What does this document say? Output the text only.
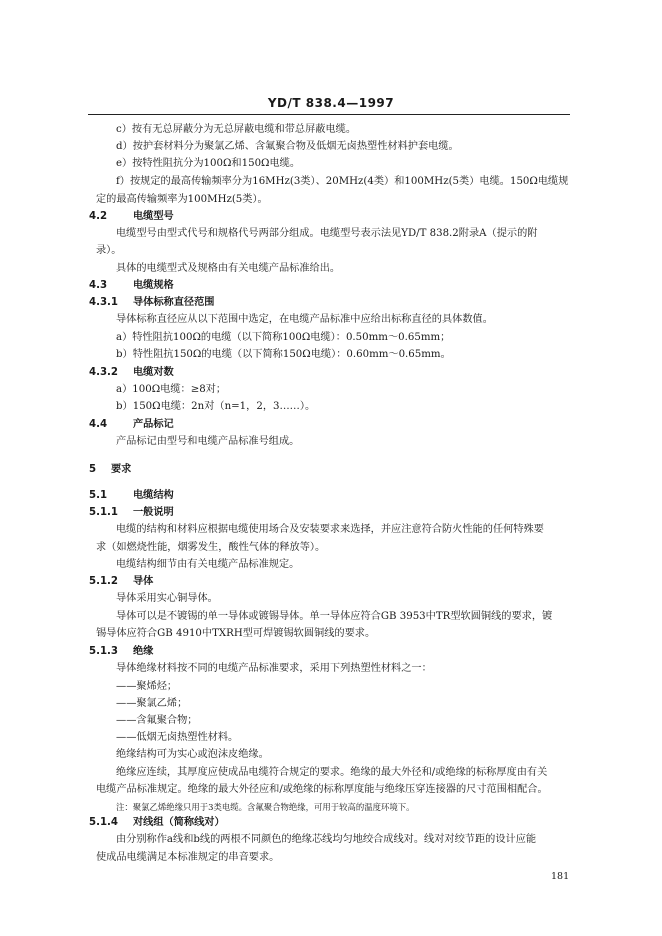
YD/T 838.4—1997
c）按有无总屏蔽分为无总屏蔽电缆和带总屏蔽电缆。
d）按护套材料分为聚氯乙烯、含氟聚合物及低烟无卤热塑性材料护套电缆。
e）按特性阻抗分为100Ω和150Ω电缆。
f）按规定的最高传输频率分为16MHz(3类）、20MHz(4类）和100MHz(5类）电缆。150Ω电缆规
定的最高传输频率为100MHz(5类）。
4.2	电缆型号
电缆型号由型式代号和规格代号两部分组成。电缆型号表示法见YD/T 838.2附录A（提示的附
录）。
具体的电缆型式及规格由有关电缆产品标准给出。
4.3	电缆规格
4.3.1 导体标称直径范围
导体标称直径应从以下范围中选定，在电缆产品标准中应给出标称直径的具体数值。
a）特性阻抗100Ω的电缆（以下简称100Ω电缆）：0.50mm～0.65mm；
b）特性阻抗150Ω的电缆（以下简称150Ω电缆）：0.60mm～0.65mm。
4.3.2 电缆对数
a）100Ω电缆：≥8对；
b）150Ω电缆：2n对（n=1，2，3……）。
4.4	产品标记
产品标记由型号和电缆产品标准号组成。
5 要求
5.1	电缆结构
5.1.1 一般说明
电缆的结构和材料应根据电缆使用场合及安装要求来选择，并应注意符合防火性能的任何特殊要
求（如燃烧性能，烟雾发生，酸性气体的释放等）。
电缆结构细节由有关电缆产品标准规定。
5.1.2 导体
导体采用实心铜导体。
导体可以是不镀锡的单一导体或镀锡导体。单一导体应符合GB 3953中TR型软圆铜线的要求，镀
锡导体应符合GB 4910中TXRH型可焊镀锡软圆铜线的要求。
5.1.3 绝缘
导体绝缘材料按不同的电缆产品标准要求，采用下列热塑性材料之一：
——聚烯烃；
——聚氯乙烯；
——含氟聚合物；
——低烟无卤热塑性材料。
绝缘结构可为实心或泡沫皮绝缘。
绝缘应连续，其厚度应使成品电缆符合规定的要求。绝缘的最大外径和/或绝缘的标称厚度由有关
电缆产品标准规定。绝缘的最大外径应和/或绝缘的标称厚度能与绝缘压穿连接器的尺寸范围相配合。
注：聚氯乙烯绝缘只用于3类电缆。含氟聚合物绝缘，可用于较高的温度环境下。
5.1.4 对线组（简称线对）
由分别称作a线和b线的两根不同颜色的绝缘芯线均匀地绞合成线对。线对对绞节距的设计应能
使成品电缆满足本标准规定的串音要求。
181
